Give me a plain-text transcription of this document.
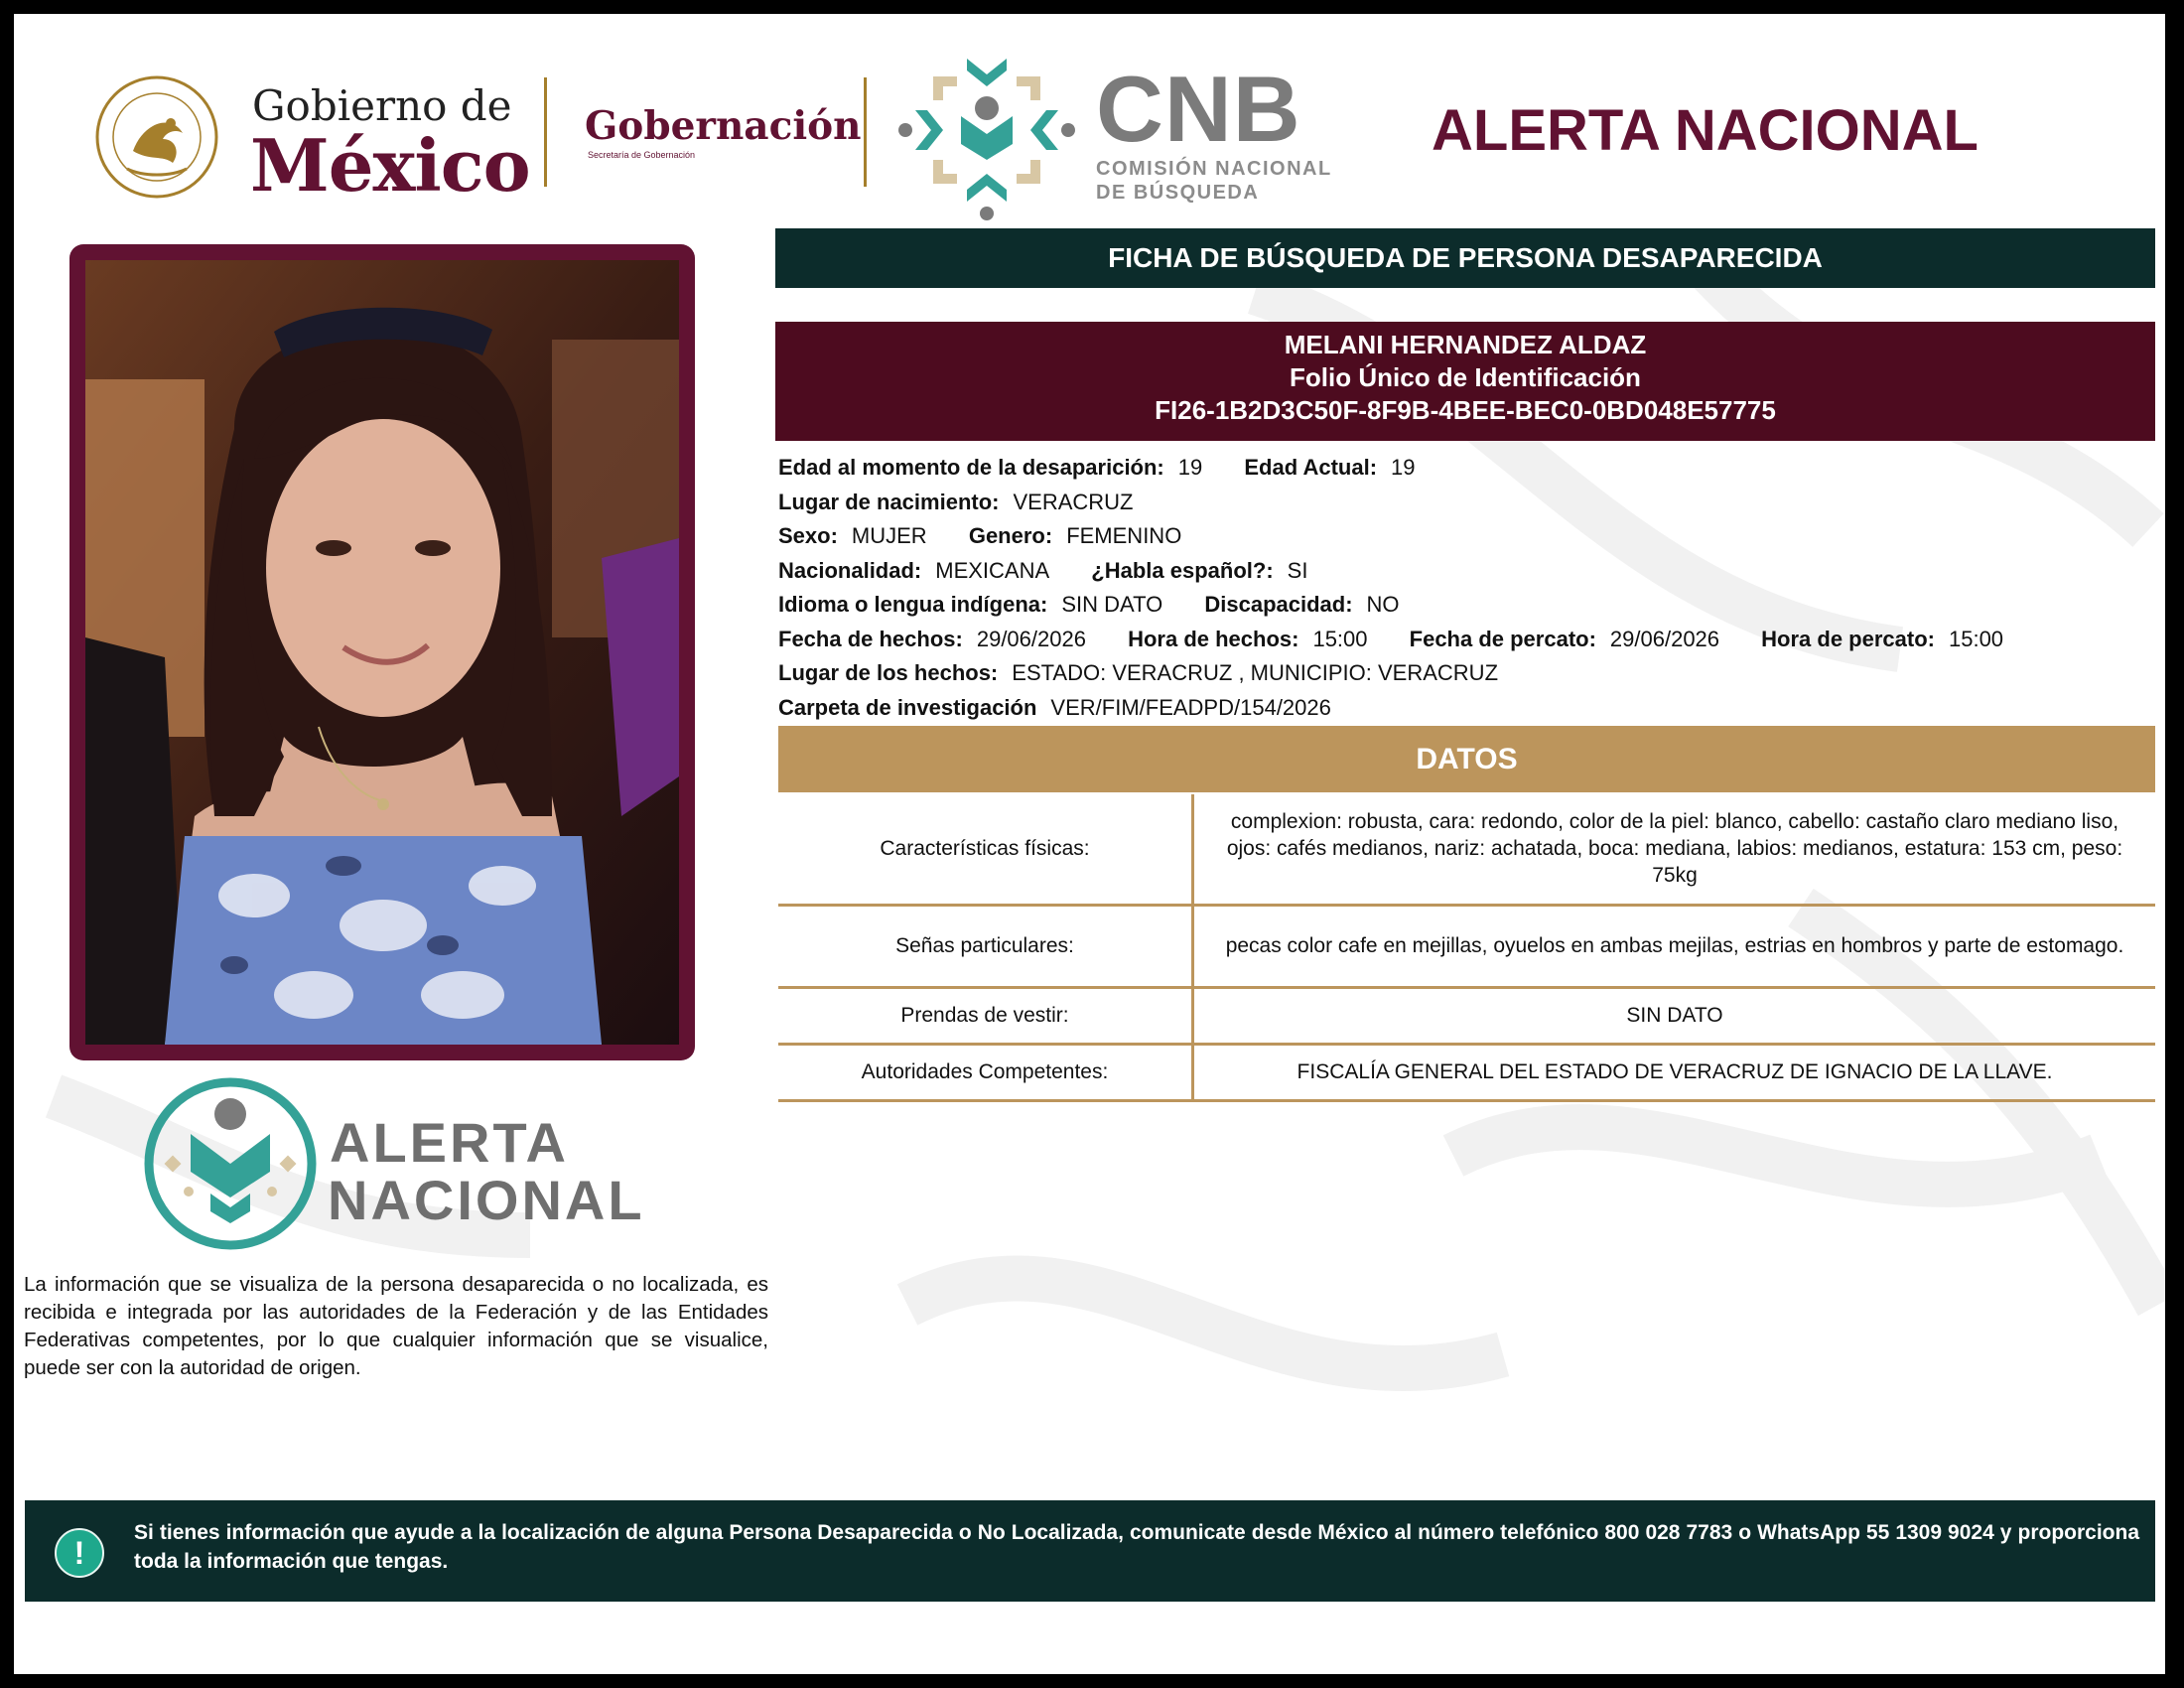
Gobierno de
México Gobernación
Secretaría de Gobernación	CNB
COMISIÓN NACIONAL
DE BÚSQUEDA
ALERTA NACIONAL
FICHA DE BÚSQUEDA DE PERSONA DESAPARECIDA
MELANI HERNANDEZ ALDAZ
Folio Único de Identificación
FI26-1B2D3C50F-8F9B-4BEE-BEC0-0BD048E57775
Edad al momento de la desaparición: 19 Edad Actual: 19
Lugar de nacimiento: VERACRUZ
Sexo: MUJER Genero: FEMENINO
Nacionalidad: MEXICANA ¿Habla español?: SI
Idioma o lengua indígena: SIN DATO Discapacidad: NO
Fecha de hechos: 29/06/2026 Hora de hechos: 15:00 Fecha de percato: 29/06/2026 Hora de percato: 15:00
Lugar de los hechos: ESTADO: VERACRUZ , MUNICIPIO: VERACRUZ
Carpeta de investigación VER/FIM/FEADPD/154/2026
DATOS
Características físicas:	complexion: robusta, cara: redondo, color de la piel: blanco, cabello: castaño claro mediano liso, ojos: cafés medianos, nariz: achatada, boca: mediana, labios: medianos, estatura: 153 cm, peso: 75kg
Señas particulares:	pecas color cafe en mejillas, oyuelos en ambas mejilas, estrias en hombros y parte de estomago.
Prendas de vestir:	SIN DATO
Autoridades Competentes:	FISCALÍA GENERAL DEL ESTADO DE VERACRUZ DE IGNACIO DE LA LLAVE.
ALERTA
NACIONAL
La información que se visualiza de la persona desaparecida o no localizada, es recibida e integrada por las autoridades de la Federación y de las Entidades Federativas competentes, por lo que cualquier información que se visualice, puede ser con la autoridad de origen.
!
Si tienes información que ayude a la localización de alguna Persona Desaparecida o No Localizada, comunicate desde México al número telefónico 800 028 7783 o WhatsApp 55 1309 9024 y proporciona toda la información que tengas.
